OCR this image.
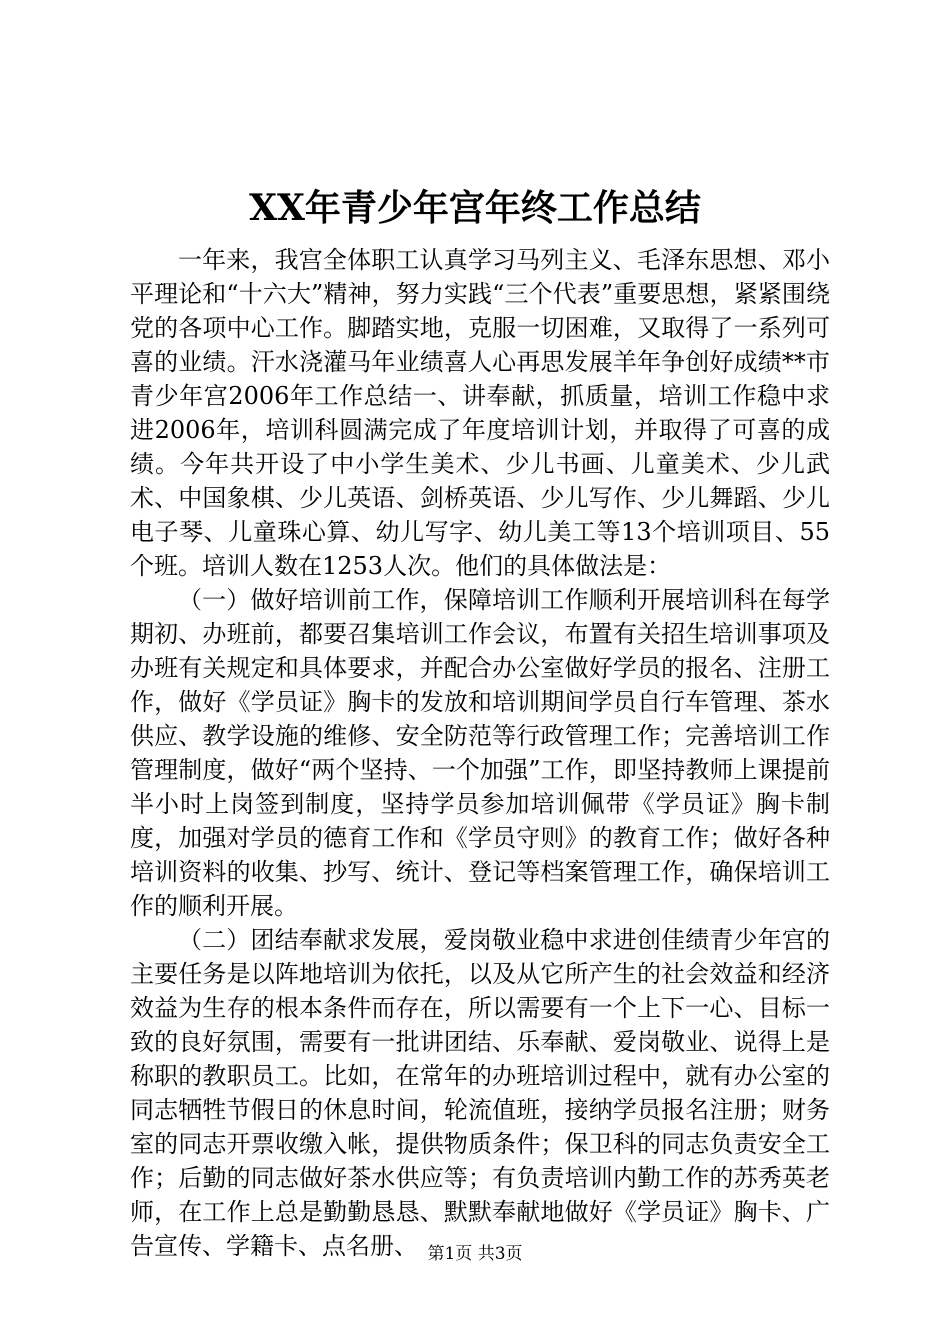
XX年青少年宫年终工作总结

一年来，我宫全体职工认真学习马列主义、毛泽东思想、邓小平理论和“十六大”精神，努力实践“三个代表”重要思想，紧紧围绕党的各项中心工作。脚踏实地，克服一切困难，又取得了一系列可喜的业绩。汗水浇灌马年业绩喜人心再思发展羊年争创好成绩**市青少年宫2006年工作总结一、讲奉献，抓质量，培训工作稳中求进2006年，培训科圆满完成了年度培训计划，并取得了可喜的成绩。今年共开设了中小学生美术、少儿书画、儿童美术、少儿武术、中国象棋、少儿英语、剑桥英语、少儿写作、少儿舞蹈、少儿电子琴、儿童珠心算、幼儿写字、幼儿美工等13个培训项目、55个班。培训人数在1253人次。他们的具体做法是：

（一）做好培训前工作，保障培训工作顺利开展培训科在每学期初、办班前，都要召集培训工作会议，布置有关招生培训事项及办班有关规定和具体要求，并配合办公室做好学员的报名、注册工作，做好《学员证》胸卡的发放和培训期间学员自行车管理、茶水供应、教学设施的维修、安全防范等行政管理工作；完善培训工作管理制度，做好“两个坚持、一个加强”工作，即坚持教师上课提前半小时上岗签到制度，坚持学员参加培训佩带《学员证》胸卡制度，加强对学员的德育工作和《学员守则》的教育工作；做好各种培训资料的收集、抄写、统计、登记等档案管理工作，确保培训工作的顺利开展。

（二）团结奉献求发展，爱岗敬业稳中求进创佳绩青少年宫的主要任务是以阵地培训为依托，以及从它所产生的社会效益和经济效益为生存的根本条件而存在，所以需要有一个上下一心、目标一致的良好氛围，需要有一批讲团结、乐奉献、爱岗敬业、说得上是称职的教职员工。比如，在常年的办班培训过程中，就有办公室的同志牺牲节假日的休息时间，轮流值班，接纳学员报名注册；财务室的同志开票收缴入帐，提供物质条件；保卫科的同志负责安全工作；后勤的同志做好茶水供应等；有负责培训内勤工作的苏秀英老师，在工作上总是勤勤恳恳、默默奉献地做好《学员证》胸卡、广告宣传、学籍卡、点名册、 第1页 共3页
